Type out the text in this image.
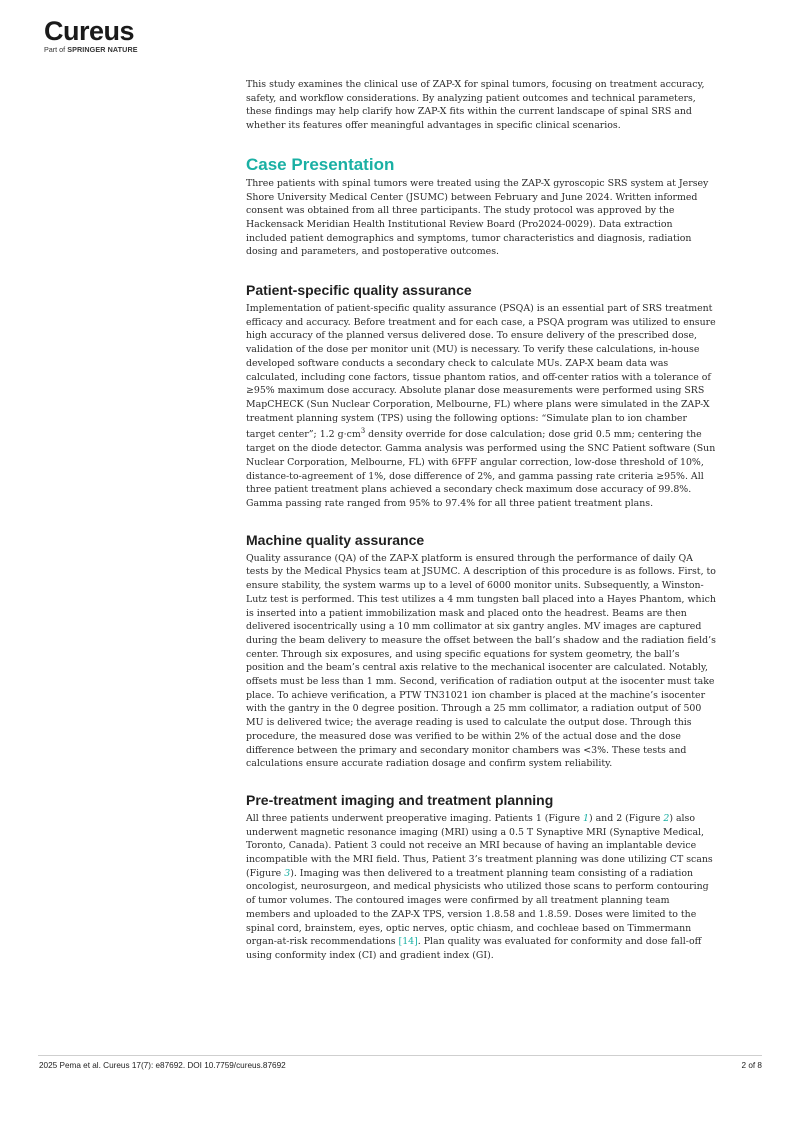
Cureus
Part of SPRINGER NATURE

This study examines the clinical use of ZAP-X for spinal tumors, focusing on treatment accuracy, safety, and workflow considerations. By analyzing patient outcomes and technical parameters, these findings may help clarify how ZAP-X fits within the current landscape of spinal SRS and whether its features offer meaningful advantages in specific clinical scenarios.

Case Presentation

Three patients with spinal tumors were treated using the ZAP-X gyroscopic SRS system at Jersey Shore University Medical Center (JSUMC) between February and June 2024. Written informed consent was obtained from all three participants. The study protocol was approved by the Hackensack Meridian Health Institutional Review Board (Pro2024-0029). Data extraction included patient demographics and symptoms, tumor characteristics and diagnosis, radiation dosing and parameters, and postoperative outcomes.

Patient-specific quality assurance

Implementation of patient-specific quality assurance (PSQA) is an essential part of SRS treatment efficacy and accuracy. Before treatment and for each case, a PSQA program was utilized to ensure high accuracy of the planned versus delivered dose. To ensure delivery of the prescribed dose, validation of the dose per monitor unit (MU) is necessary. To verify these calculations, in-house developed software conducts a secondary check to calculate MUs. ZAP-X beam data was calculated, including cone factors, tissue phantom ratios, and off-center ratios with a tolerance of ≥95% maximum dose accuracy. Absolute planar dose measurements were performed using SRS MapCHECK (Sun Nuclear Corporation, Melbourne, FL) where plans were simulated in the ZAP-X treatment planning system (TPS) using the following options: “Simulate plan to ion chamber target center”; 1.2 $g\cdot cm^3$ density override for dose calculation; dose grid 0.5 mm; centering the target on the diode detector. Gamma analysis was performed using the SNC Patient software (Sun Nuclear Corporation, Melbourne, FL) with 6FFF angular correction, low-dose threshold of 10%, distance-to-agreement of 1%, dose difference of 2%, and gamma passing rate criteria ≥95%. All three patient treatment plans achieved a secondary check maximum dose accuracy of 99.8%. Gamma passing rate ranged from 95% to 97.4% for all three patient treatment plans.

Machine quality assurance

Quality assurance (QA) of the ZAP-X platform is ensured through the performance of daily QA tests by the Medical Physics team at JSUMC. A description of this procedure is as follows. First, to ensure stability, the system warms up to a level of 6000 monitor units. Subsequently, a Winston-Lutz test is performed. This test utilizes a 4 mm tungsten ball placed into a Hayes Phantom, which is inserted into a patient immobilization mask and placed onto the headrest. Beams are then delivered isocentrically using a 10 mm collimator at six gantry angles. MV images are captured during the beam delivery to measure the offset between the ball’s shadow and the radiation field’s center. Through six exposures, and using specific equations for system geometry, the ball’s position and the beam’s central axis relative to the mechanical isocenter are calculated. Notably, offsets must be less than 1 mm. Second, verification of radiation output at the isocenter must take place. To achieve verification, a PTW TN31021 ion chamber is placed at the machine’s isocenter with the gantry in the 0 degree position. Through a 25 mm collimator, a radiation output of 500 MU is delivered twice; the average reading is used to calculate the output dose. Through this procedure, the measured dose was verified to be within 2% of the actual dose and the dose difference between the primary and secondary monitor chambers was <3%. These tests and calculations ensure accurate radiation dosage and confirm system reliability.

Pre-treatment imaging and treatment planning

All three patients underwent preoperative imaging. Patients 1 (Figure 1) and 2 (Figure 2) also underwent magnetic resonance imaging (MRI) using a 0.5 T Synaptive MRI (Synaptive Medical, Toronto, Canada). Patient 3 could not receive an MRI because of having an implantable device incompatible with the MRI field. Thus, Patient 3’s treatment planning was done utilizing CT scans (Figure 3). Imaging was then delivered to a treatment planning team consisting of a radiation oncologist, neurosurgeon, and medical physicists who utilized those scans to perform contouring of tumor volumes. The contoured images were confirmed by all treatment planning team members and uploaded to the ZAP-X TPS, version 1.8.58 and 1.8.59. Doses were limited to the spinal cord, brainstem, eyes, optic nerves, optic chiasm, and cochleae based on Timmermann organ-at-risk recommendations [14]. Plan quality was evaluated for conformity and dose fall-off using conformity index (CI) and gradient index (GI).

2025 Pema et al. Cureus 17(7): e87692. DOI 10.7759/cureus.87692	2 of 8
